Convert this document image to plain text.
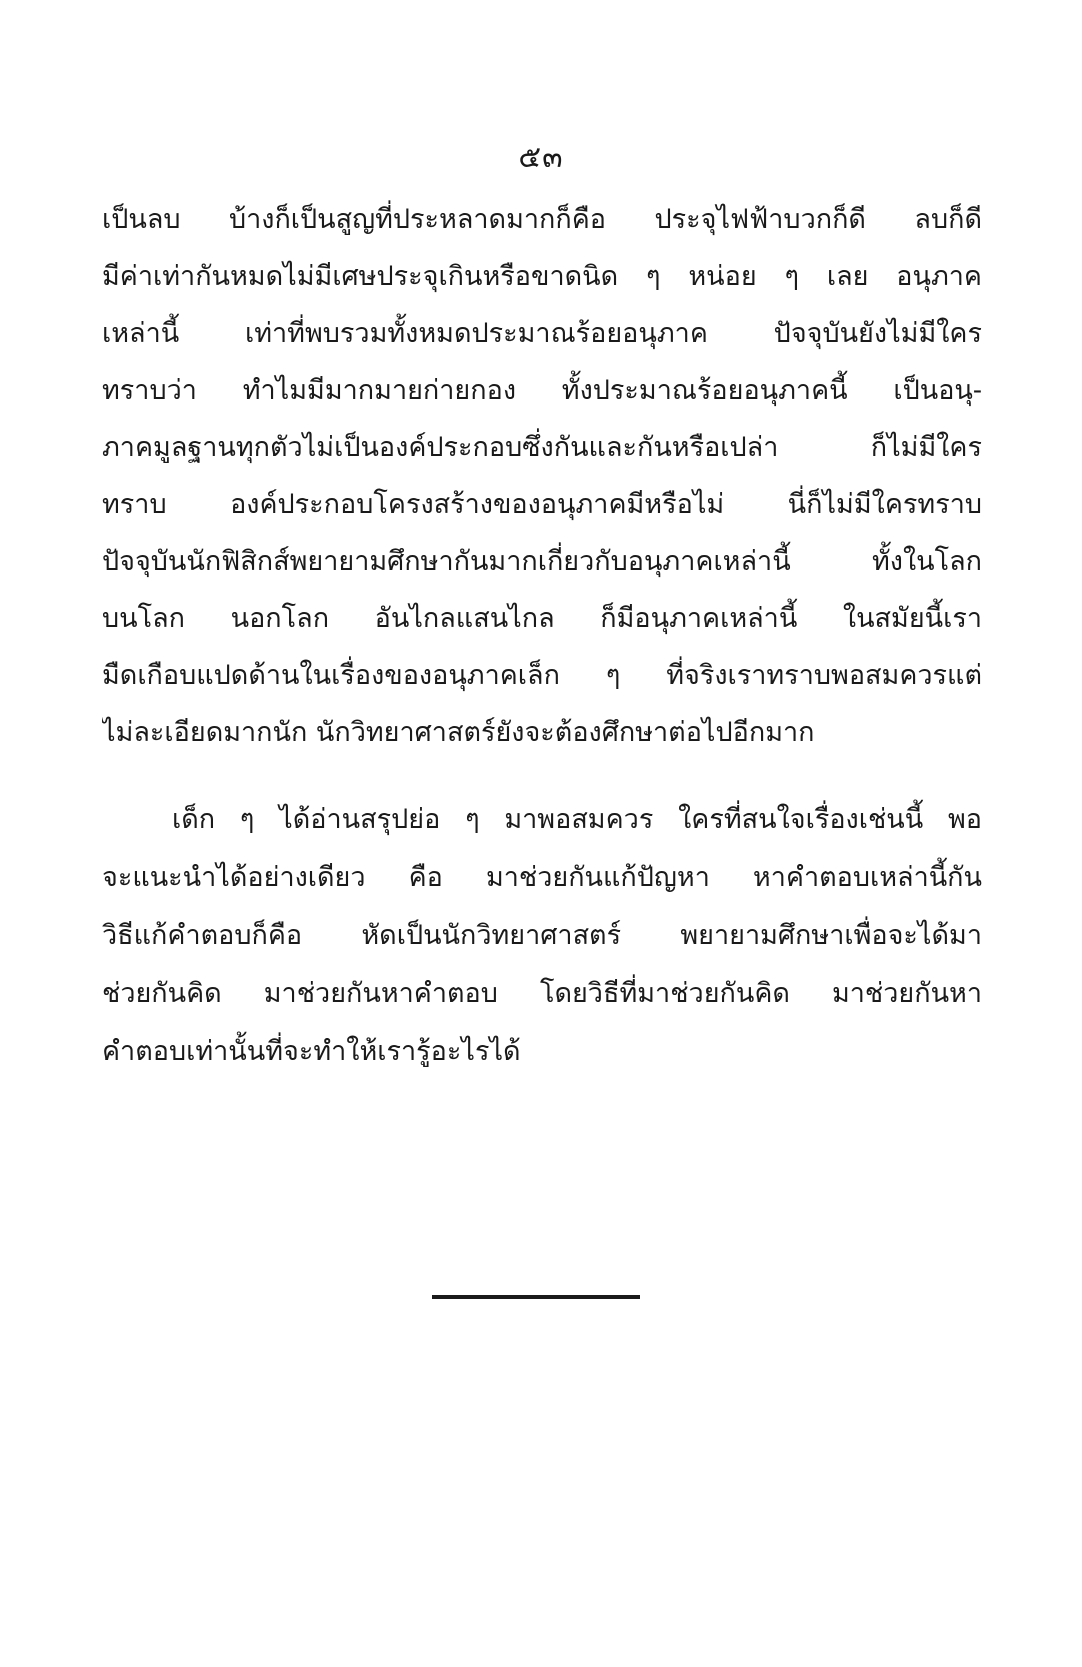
๕๓
เป็นลบ บ้างก็เป็นสูญที่ประหลาดมากก็คือ ประจุไฟฟ้าบวกก็ดี ลบก็ดี
มีค่าเท่ากันหมดไม่มีเศษประจุเกินหรือขาดนิด ๆ หน่อย ๆ เลย อนุภาค
เหล่านี้ เท่าที่พบรวมทั้งหมดประมาณร้อยอนุภาค ปัจจุบันยังไม่มีใคร
ทราบว่า ทำไมมีมากมายก่ายกอง ทั้งประมาณร้อยอนุภาคนี้ เป็นอนุ-
ภาคมูลฐานทุกตัวไม่เป็นองค์ประกอบซึ่งกันและกันหรือเปล่า ก็ไม่มีใคร
ทราบ องค์ประกอบโครงสร้างของอนุภาคมีหรือไม่ นี่ก็ไม่มีใครทราบ
ปัจจุบันนักฟิสิกส์พยายามศึกษากันมากเกี่ยวกับอนุภาคเหล่านี้ ทั้งในโลก
บนโลก นอกโลก อันไกลแสนไกล ก็มีอนุภาคเหล่านี้ ในสมัยนี้เรา
มืดเกือบแปดด้านในเรื่องของอนุภาคเล็ก ๆ ที่จริงเราทราบพอสมควรแต่
ไม่ละเอียดมากนัก นักวิทยาศาสตร์ยังจะต้องศึกษาต่อไปอีกมาก
เด็ก ๆ ได้อ่านสรุปย่อ ๆ มาพอสมควร ใครที่สนใจเรื่องเช่นนี้ พอ
จะแนะนำได้อย่างเดียว คือ มาช่วยกันแก้ปัญหา หาคำตอบเหล่านี้กัน
วิธีแก้คำตอบก็คือ หัดเป็นนักวิทยาศาสตร์ พยายามศึกษาเพื่อจะได้มา
ช่วยกันคิด มาช่วยกันหาคำตอบ โดยวิธีที่มาช่วยกันคิด มาช่วยกันหา
คำตอบเท่านั้นที่จะทำให้เรารู้อะไรได้
